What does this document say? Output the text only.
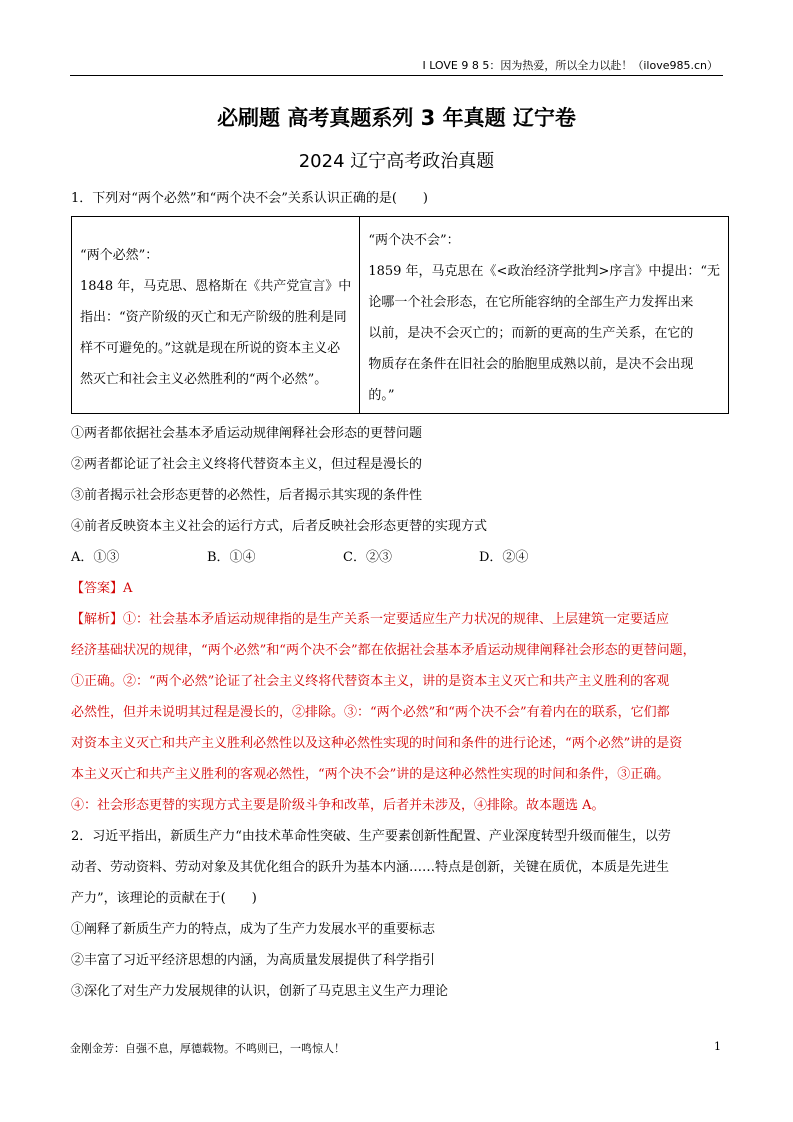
I LOVE 9 8 5：因为热爱，所以全力以赴！（ilove985.cn）
必刷题 高考真题系列 3 年真题 辽宁卷
2024 辽宁高考政治真题
1．下列对“两个必然”和“两个决不会”关系认识正确的是(　　)
“两个必然”：
1848 年，马克思、恩格斯在《共产党宣言》中
指出：“资产阶级的灭亡和无产阶级的胜利是同
样不可避免的。”这就是现在所说的资本主义必
然灭亡和社会主义必然胜利的“两个必然”。

“两个决不会”：
1859 年，马克思在《<政治经济学批判>序言》中提出：“无
论哪一个社会形态，在它所能容纳的全部生产力发挥出来
以前，是决不会灭亡的；而新的更高的生产关系，在它的
物质存在条件在旧社会的胎胞里成熟以前，是决不会出现
的。”
①两者都依据社会基本矛盾运动规律阐释社会形态的更替问题
②两者都论证了社会主义终将代替资本主义，但过程是漫长的
③前者揭示社会形态更替的必然性，后者揭示其实现的条件性
④前者反映资本主义社会的运行方式，后者反映社会形态更替的实现方式
A．①③	B．①④	C．②③	D．②④
【答案】A
【解析】①：社会基本矛盾运动规律指的是生产关系一定要适应生产力状况的规律、上层建筑一定要适应
经济基础状况的规律，“两个必然”和“两个决不会”都在依据社会基本矛盾运动规律阐释社会形态的更替问题，
①正确。②：“两个必然”论证了社会主义终将代替资本主义，讲的是资本主义灭亡和共产主义胜利的客观
必然性，但并未说明其过程是漫长的，②排除。③：“两个必然”和“两个决不会”有着内在的联系，它们都
对资本主义灭亡和共产主义胜利必然性以及这种必然性实现的时间和条件的进行论述，“两个必然”讲的是资
本主义灭亡和共产主义胜利的客观必然性，“两个决不会”讲的是这种必然性实现的时间和条件，③正确。
④：社会形态更替的实现方式主要是阶级斗争和改革，后者并未涉及，④排除。故本题选 A。
2．习近平指出，新质生产力“由技术革命性突破、生产要素创新性配置、产业深度转型升级而催生，以劳
动者、劳动资料、劳动对象及其优化组合的跃升为基本内涵……特点是创新，关键在质优，本质是先进生
产力”，该理论的贡献在于(　　)
①阐释了新质生产力的特点，成为了生产力发展水平的重要标志
②丰富了习近平经济思想的内涵，为高质量发展提供了科学指引
③深化了对生产力发展规律的认识，创新了马克思主义生产力理论
金刚金芳：自强不息，厚德载物。不鸣则已，一鸣惊人！	1
